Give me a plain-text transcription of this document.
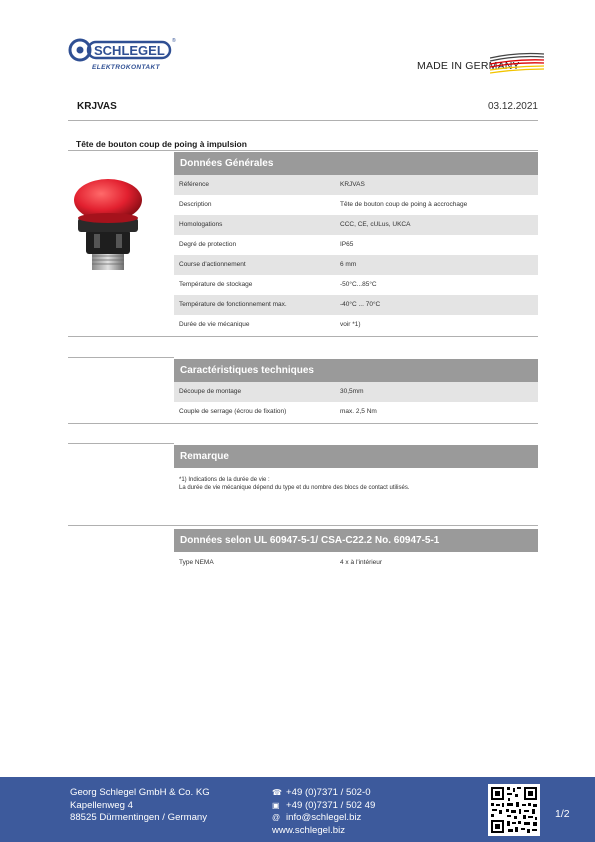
SCHLEGEL
®
ELEKTROKONTAKT	MADE IN GERMANY
KRJVAS	03.12.2021
Tête de bouton coup de poing à impulsion
Données Générales
Référence	KRJVAS
Description	Tête de bouton coup de poing à accrochage
Homologations	CCC, CE, cULus, UKCA
Degré de protection	IP65
Course d'actionnement	6 mm
Température de stockage	-50°C...85°C
Température de fonctionnement max.	-40°C ... 70°C
Durée de vie mécanique	voir *1)
Caractéristiques techniques
Découpe de montage	30,5mm
Couple de serrage (écrou de fixation)	max. 2,5 Nm
Remarque
*1) Indications de la durée de vie :
La durée de vie mécanique dépend du type et du nombre des blocs de contact utilisés.
Données selon UL 60947-5-1/ CSA-C22.2 No. 60947-5-1
Type NEMA	4 x à l'intérieur
Georg Schlegel GmbH & Co. KG
Kapellenweg 4
88525 Dürmentingen / Germany
☎ +49 (0)7371 / 502-0
▣ +49 (0)7371 / 502 49
@ info@schlegel.biz
www.schlegel.biz
1/2
